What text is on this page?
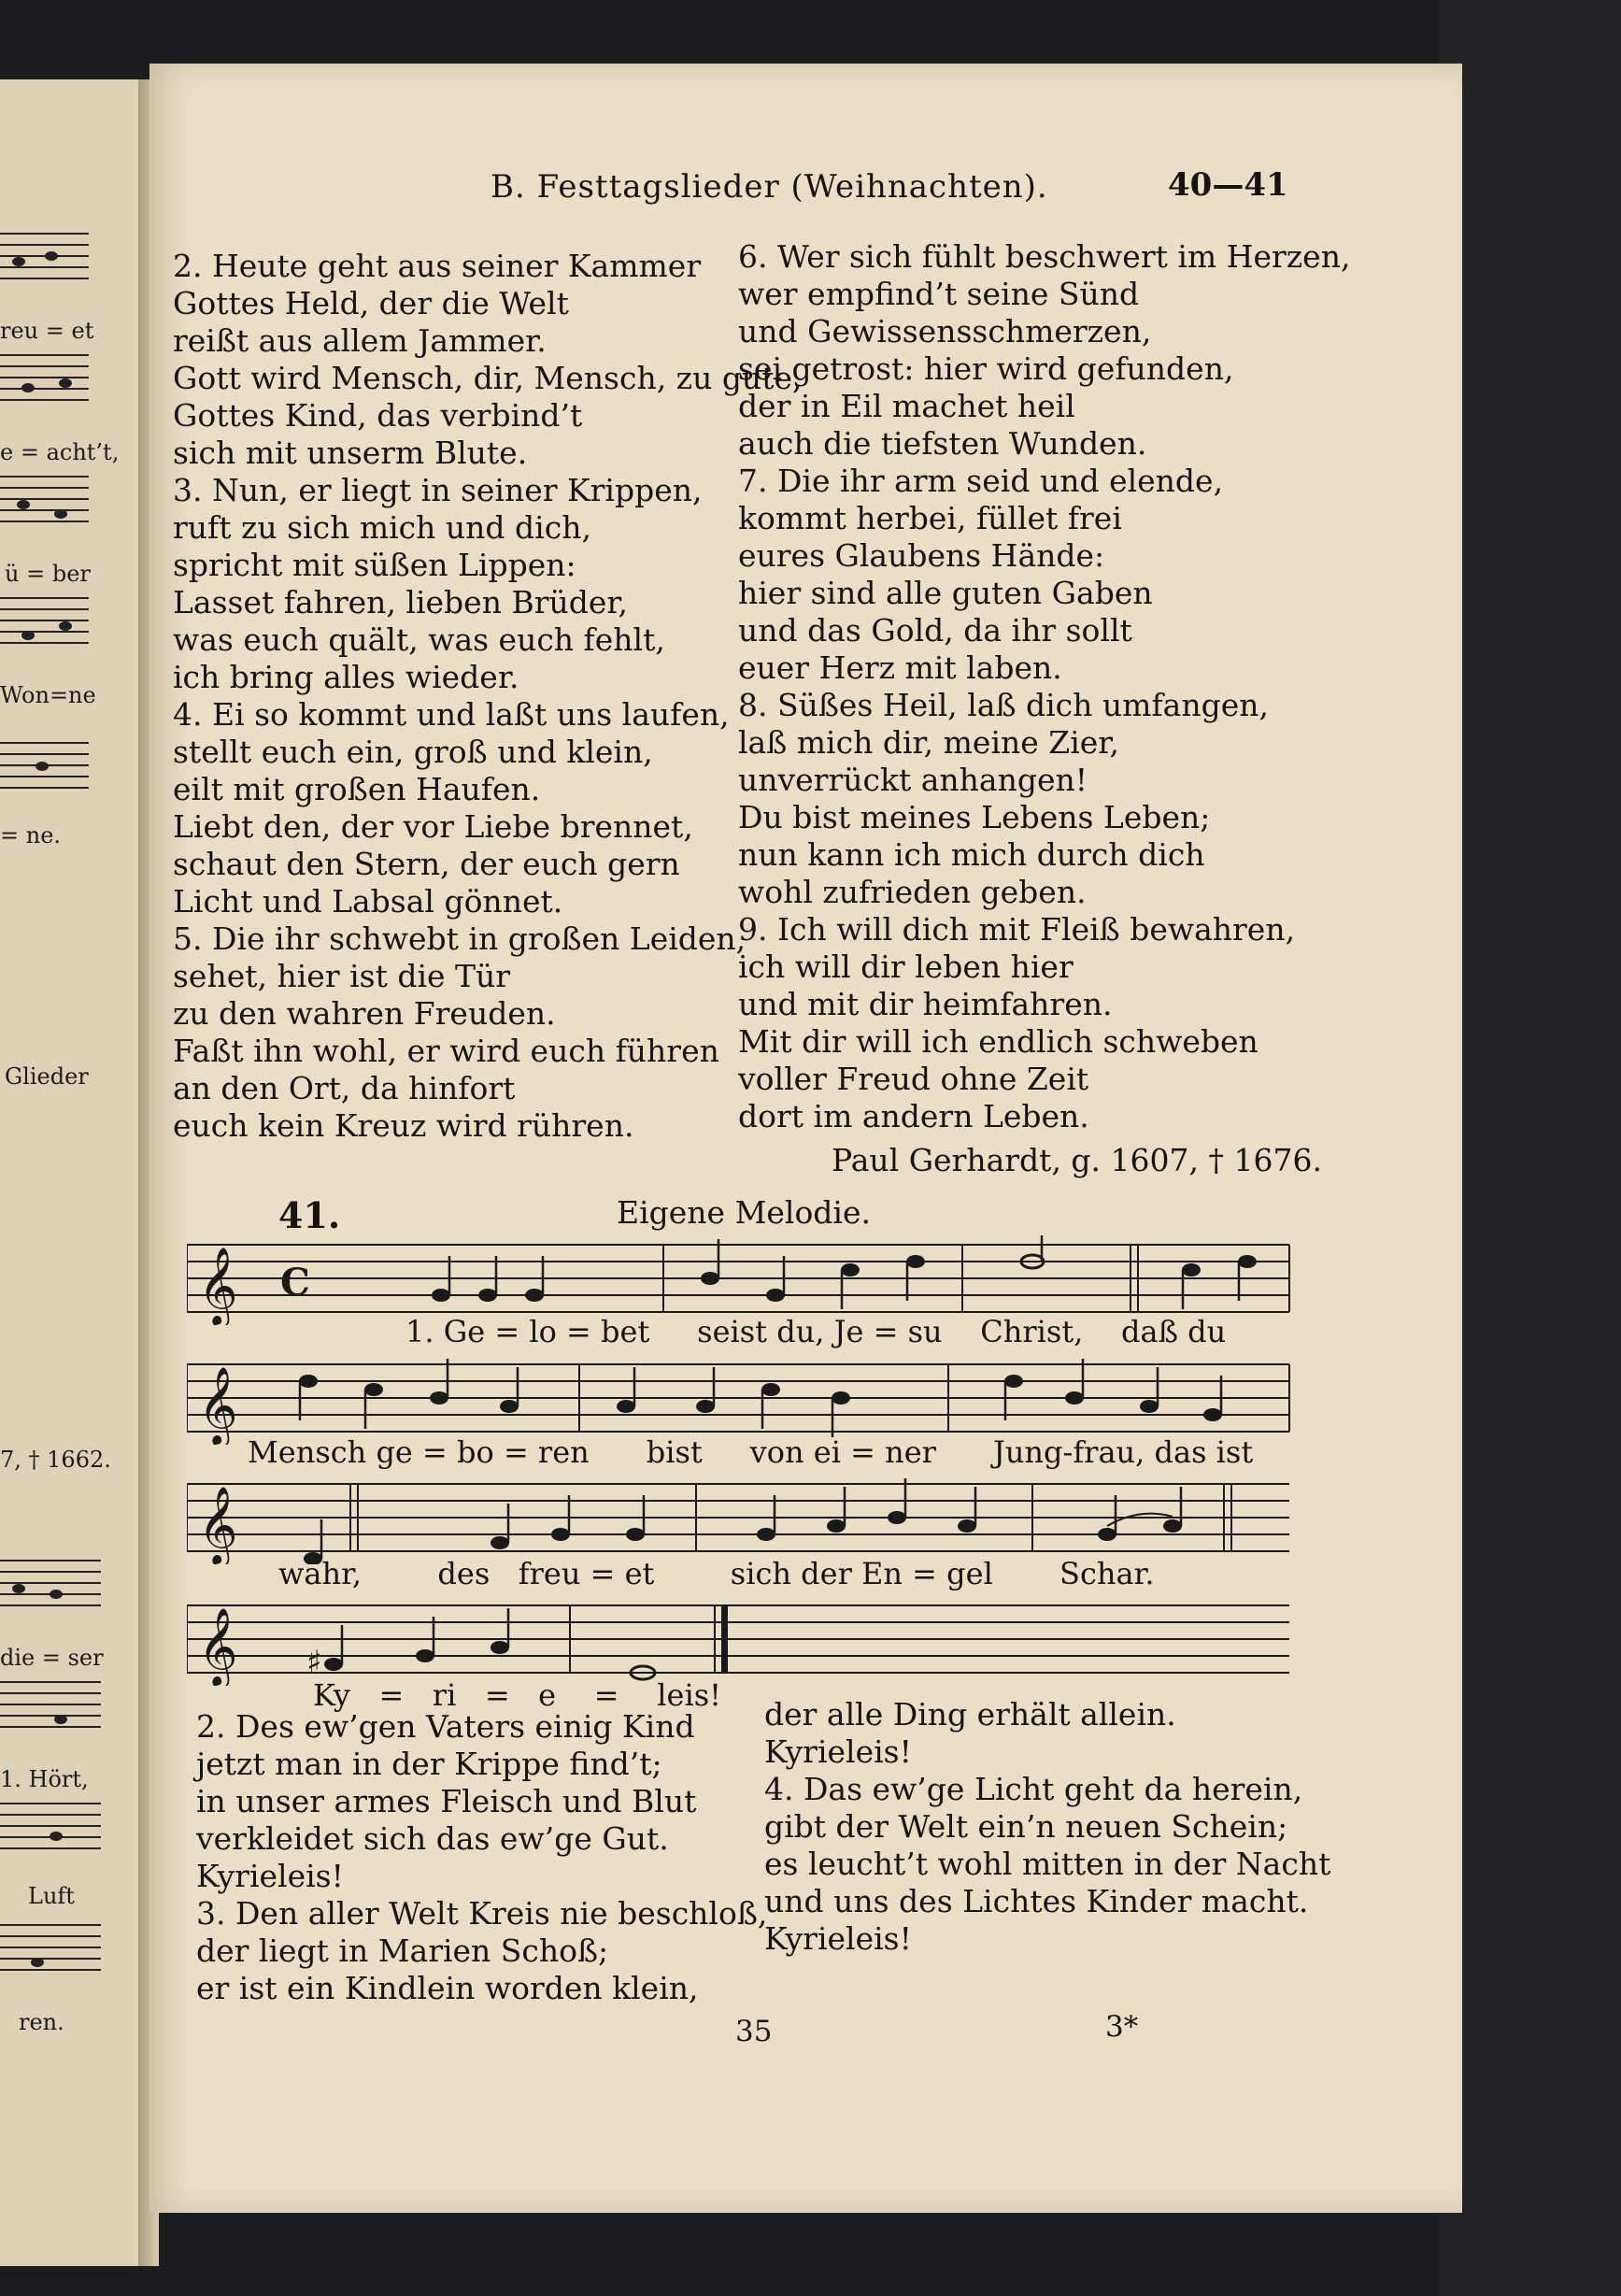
reu = et
e = acht’t,
ü = ber
Won=ne
= ne.
Glieder
7, † 1662.
die = ser
1. Hört,
Luft
ren.
B. Festtagslieder (Weihnachten).	40—41
2. Heute geht aus seiner Kammer
Gottes Held, der die Welt
reißt aus allem Jammer.
Gott wird Mensch, dir, Mensch, zu gute,
Gottes Kind, das verbind’t
sich mit unserm Blute.
3. Nun, er liegt in seiner Krippen,
ruft zu sich mich und dich,
spricht mit süßen Lippen:
Lasset fahren, lieben Brüder,
was euch quält, was euch fehlt,
ich bring alles wieder.
4. Ei so kommt und laßt uns laufen,
stellt euch ein, groß und klein,
eilt mit großen Haufen.
Liebt den, der vor Liebe brennet,
schaut den Stern, der euch gern
Licht und Labsal gönnet.
5. Die ihr schwebt in großen Leiden,
sehet, hier ist die Tür
zu den wahren Freuden.
Faßt ihn wohl, er wird euch führen
an den Ort, da hinfort
euch kein Kreuz wird rühren.
6. Wer sich fühlt beschwert im Herzen,
wer empfind’t seine Sünd
und Gewissensschmerzen,
sei getrost: hier wird gefunden,
der in Eil machet heil
auch die tiefsten Wunden.
7. Die ihr arm seid und elende,
kommt herbei, füllet frei
eures Glaubens Hände:
hier sind alle guten Gaben
und das Gold, da ihr sollt
euer Herz mit laben.
8. Süßes Heil, laß dich umfangen,
laß mich dir, meine Zier,
unverrückt anhangen!
Du bist meines Lebens Leben;
nun kann ich mich durch dich
wohl zufrieden geben.
9. Ich will dich mit Fleiß bewahren,
ich will dir leben hier
und mit dir heimfahren.
Mit dir will ich endlich schweben
voller Freud ohne Zeit
dort im andern Leben.
Paul Gerhardt, g. 1607, † 1676.
41.	Eigene Melodie.
𝄞 C
1. Ge = lo = bet seist du, Je = su Christ, daß du
𝄞
Mensch ge = bo = ren bist von ei = ner Jung-frau, das ist
𝄞
wahr,	des freu = et	sich der En = gel Schar.
𝄞 ♯
Ky = ri = e = leis!
2. Des ew’gen Vaters einig Kind
jetzt man in der Krippe find’t;
in unser armes Fleisch und Blut
verkleidet sich das ew’ge Gut.
Kyrieleis!
3. Den aller Welt Kreis nie beschloß,
der liegt in Marien Schoß;
er ist ein Kindlein worden klein,
der alle Ding erhält allein.
Kyrieleis!
4. Das ew’ge Licht geht da herein,
gibt der Welt ein’n neuen Schein;
es leucht’t wohl mitten in der Nacht
und uns des Lichtes Kinder macht.
Kyrieleis!
35	3*
